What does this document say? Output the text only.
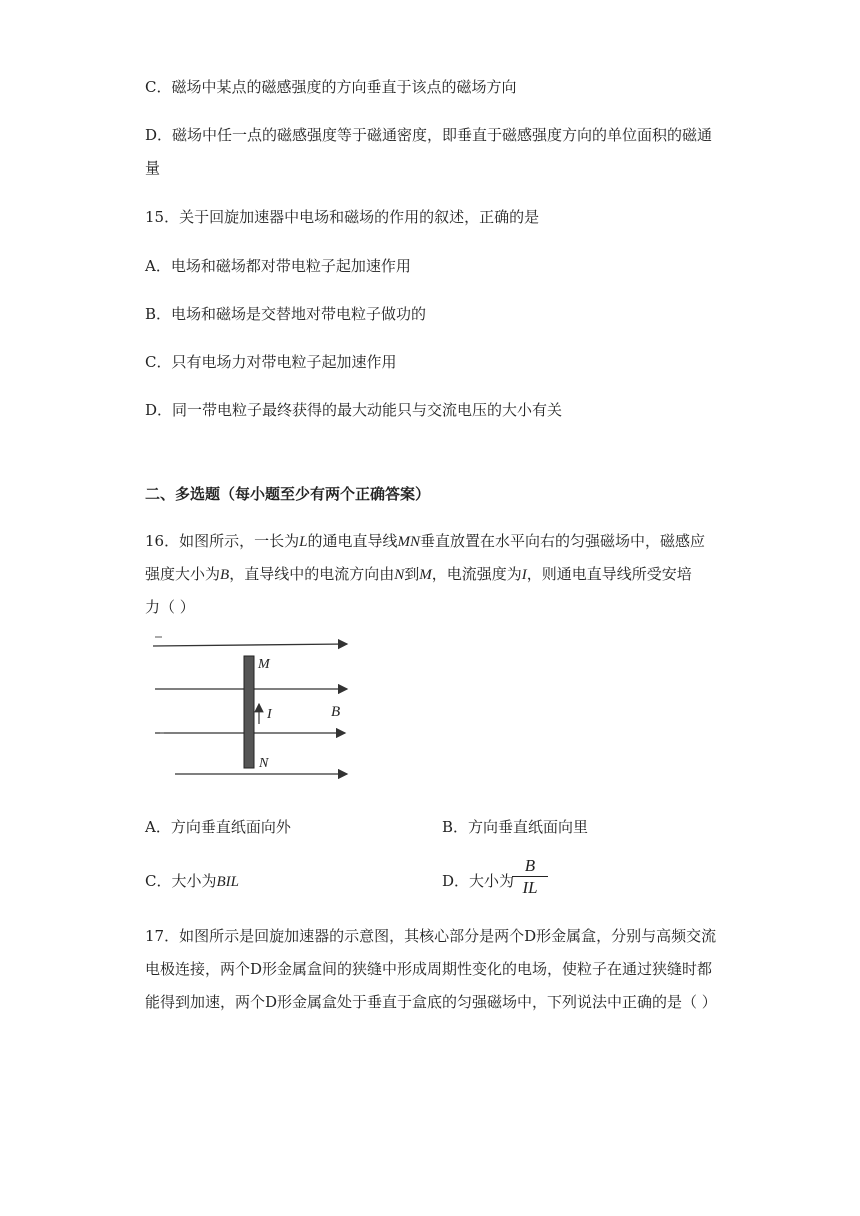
C．磁场中某点的磁感强度的方向垂直于该点的磁场方向
D．磁场中任一点的磁感强度等于磁通密度，即垂直于磁感强度方向的单位面积的磁通
量
15．关于回旋加速器中电场和磁场的作用的叙述，正确的是
A．电场和磁场都对带电粒子起加速作用
B．电场和磁场是交替地对带电粒子做功的
C．只有电场力对带电粒子起加速作用
D．同一带电粒子最终获得的最大动能只与交流电压的大小有关
二、多选题（每小题至少有两个正确答案）
16．如图所示，一长为L的通电直导线MN垂直放置在水平向右的匀强磁场中，磁感应
强度大小为B，直导线中的电流方向由N到M，电流强度为I，则通电直导线所受安培
力（ ）
M
I	B
N
A．方向垂直纸面向外	B．方向垂直纸面向里
C．大小为BIL	D．大小为
B
IL
17．如图所示是回旋加速器的示意图，其核心部分是两个D形金属盒，分别与高频交流
电极连接，两个D形金属盒间的狭缝中形成周期性变化的电场，使粒子在通过狭缝时都
能得到加速，两个D形金属盒处于垂直于盒底的匀强磁场中，下列说法中正确的是（ ）
